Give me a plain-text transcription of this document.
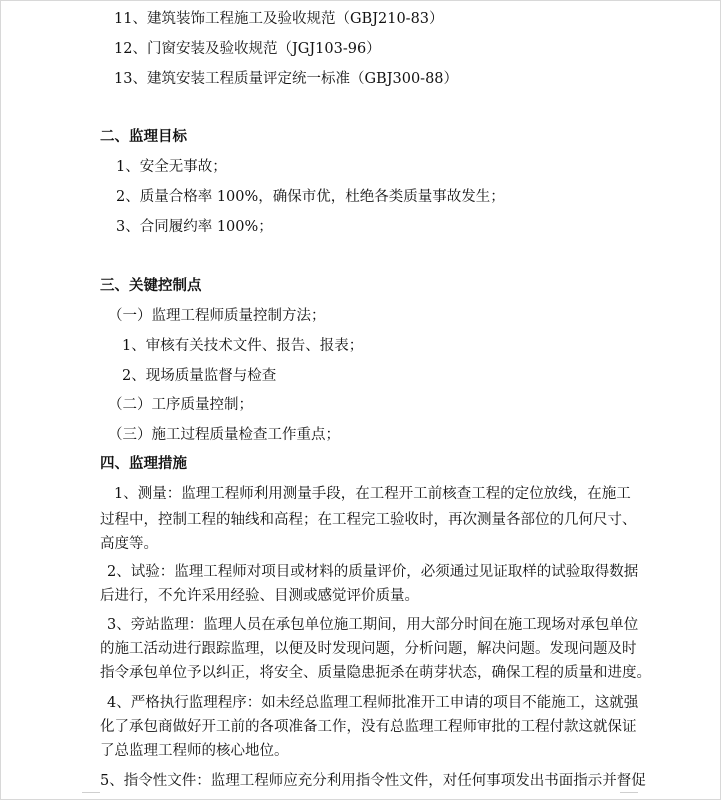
11、建筑装饰工程施工及验收规范（GBJ210-83）
12、门窗安装及验收规范（JGJ103-96）
13、建筑安装工程质量评定统一标准（GBJ300-88）
二、监理目标
1、安全无事故；
2、质量合格率 100%，确保市优，杜绝各类质量事故发生；
3、合同履约率 100%；
三、关键控制点
（一）监理工程师质量控制方法；
1、审核有关技术文件、报告、报表；
2、现场质量监督与检查
（二）工序质量控制；
（三）施工过程质量检查工作重点；
四、监理措施
1、测量：监理工程师利用测量手段，在工程开工前核查工程的定位放线，在施工
过程中，控制工程的轴线和高程；在工程完工验收时，再次测量各部位的几何尺寸、
高度等。
2、试验：监理工程师对项目或材料的质量评价，必须通过见证取样的试验取得数据
后进行，不允许采用经验、目测或感觉评价质量。
3、旁站监理：监理人员在承包单位施工期间，用大部分时间在施工现场对承包单位
的施工活动进行跟踪监理，以便及时发现问题，分析问题，解决问题。发现问题及时
指令承包单位予以纠正，将安全、质量隐患扼杀在萌芽状态，确保工程的质量和进度。
4、严格执行监理程序：如未经总监理工程师批准开工申请的项目不能施工，这就强
化了承包商做好开工前的各项准备工作，没有总监理工程师审批的工程付款这就保证
了总监理工程师的核心地位。
5、指令性文件：监理工程师应充分利用指令性文件，对任何事项发出书面指示并督促
